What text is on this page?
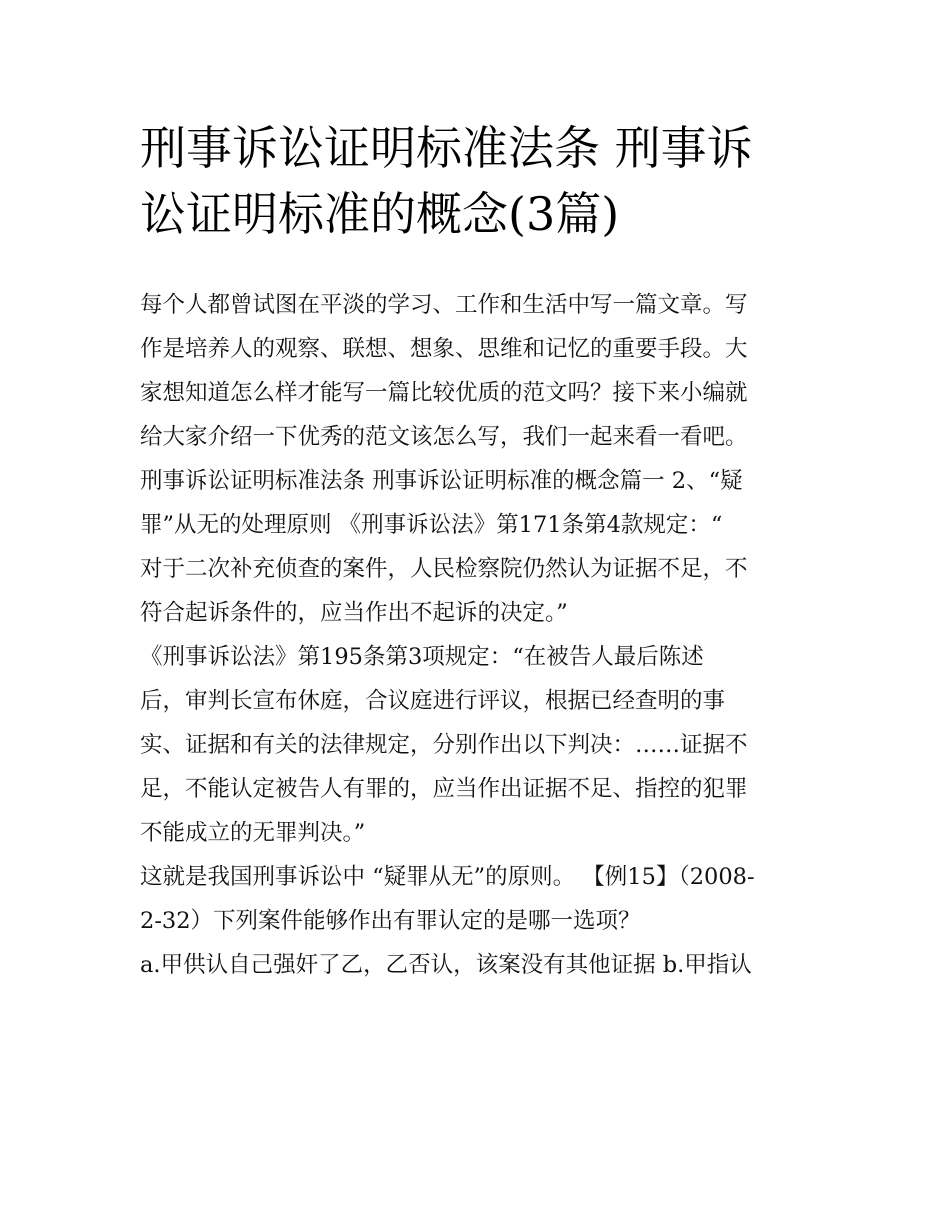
刑事诉讼证明标准法条 刑事诉
讼证明标准的概念(3篇)
每个人都曾试图在平淡的学习、工作和生活中写一篇文章。写
作是培养人的观察、联想、想象、思维和记忆的重要手段。大
家想知道怎么样才能写一篇比较优质的范文吗？接下来小编就
给大家介绍一下优秀的范文该怎么写，我们一起来看一看吧。
刑事诉讼证明标准法条 刑事诉讼证明标准的概念篇一 2、“疑
罪”从无的处理原则 《刑事诉讼法》第171条第4款规定：“
对于二次补充侦查的案件，人民检察院仍然认为证据不足，不
符合起诉条件的，应当作出不起诉的决定。”
《刑事诉讼法》第195条第3项规定：“在被告人最后陈述
后，审判长宣布休庭，合议庭进行评议，根据已经查明的事
实、证据和有关的法律规定，分别作出以下判决：……证据不
足，不能认定被告人有罪的，应当作出证据不足、指控的犯罪
不能成立的无罪判决。”
这就是我国刑事诉讼中 “疑罪从无”的原则。 【例15】（2008-
2-32）下列案件能够作出有罪认定的是哪一选项？
a.甲供认自己强奸了乙，乙否认，该案没有其他证据 b.甲指认
